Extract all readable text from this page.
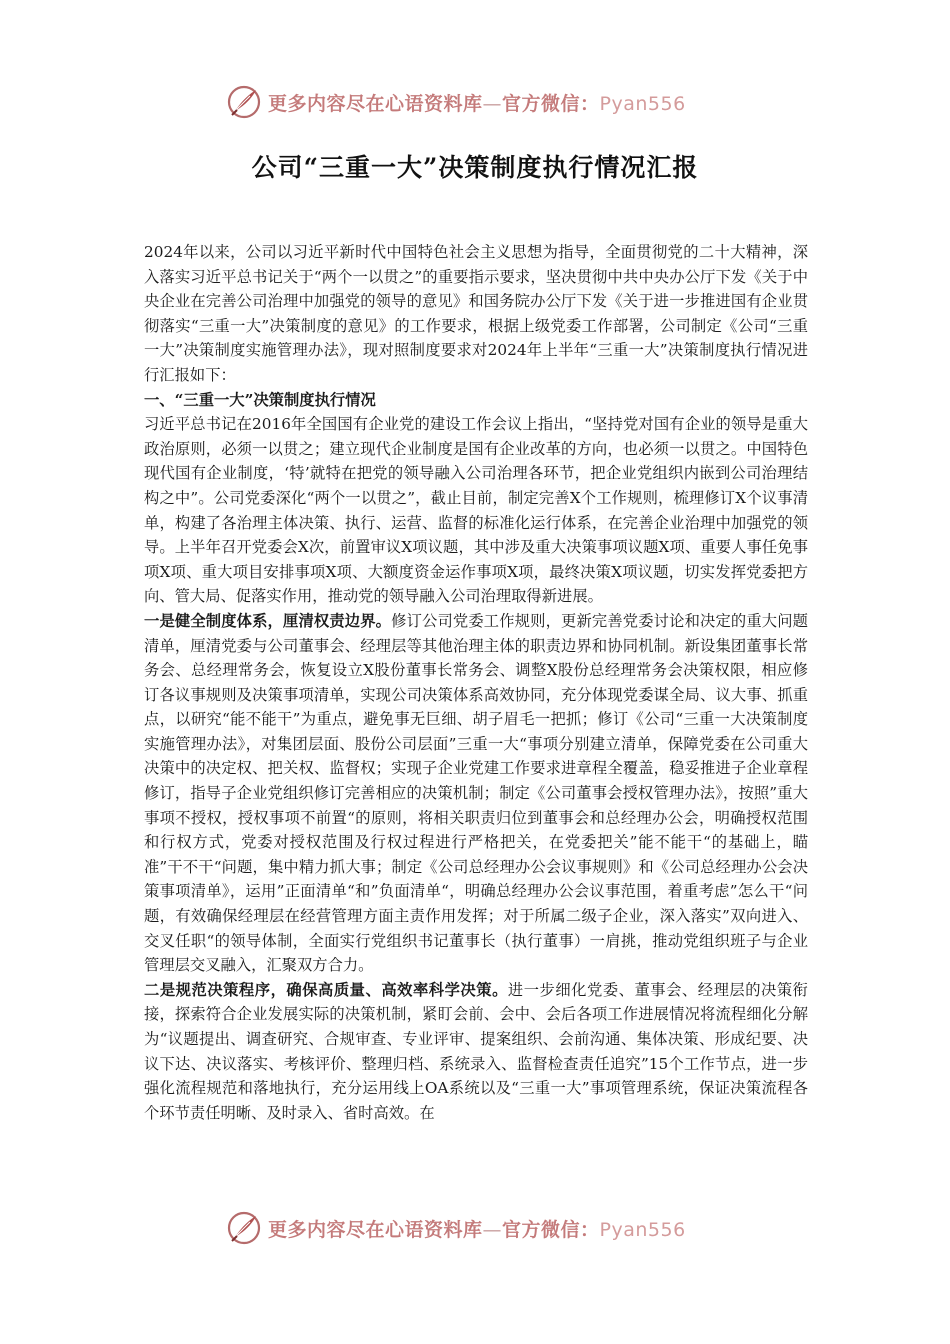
更多内容尽在心语资料库—官方微信：Pyan556
公司“三重一大”决策制度执行情况汇报

2024年以来，公司以习近平新时代中国特色社会主义思想为指导，全面贯彻党的二十大精神，深入落实习近平总书记关于“两个一以贯之”的重要指示要求，坚决贯彻中共中央办公厅下发《关于中央企业在完善公司治理中加强党的领导的意见》和国务院办公厅下发《关于进一步推进国有企业贯彻落实“三重一大”决策制度的意见》的工作要求，根据上级党委工作部署，公司制定《公司“三重一大”决策制度实施管理办法》，现对照制度要求对2024年上半年“三重一大”决策制度执行情况进行汇报如下：

一、“三重一大”决策制度执行情况

习近平总书记在2016年全国国有企业党的建设工作会议上指出，“坚持党对国有企业的领导是重大政治原则，必须一以贯之；建立现代企业制度是国有企业改革的方向，也必须一以贯之。中国特色现代国有企业制度，‘特’就特在把党的领导融入公司治理各环节，把企业党组织内嵌到公司治理结构之中”。公司党委深化“两个一以贯之”，截止目前，制定完善X个工作规则，梳理修订X个议事清单，构建了各治理主体决策、执行、运营、监督的标准化运行体系，在完善企业治理中加强党的领导。上半年召开党委会X次，前置审议X项议题，其中涉及重大决策事项议题X项、重要人事任免事项X项、重大项目安排事项X项、大额度资金运作事项X项，最终决策X项议题，切实发挥党委把方向、管大局、促落实作用，推动党的领导融入公司治理取得新进展。

一是健全制度体系，厘清权责边界。修订公司党委工作规则，更新完善党委讨论和决定的重大问题清单，厘清党委与公司董事会、经理层等其他治理主体的职责边界和协同机制。新设集团董事长常务会、总经理常务会，恢复设立X股份董事长常务会、调整X股份总经理常务会决策权限，相应修订各议事规则及决策事项清单，实现公司决策体系高效协同，充分体现党委谋全局、议大事、抓重点，以研究“能不能干”为重点，避免事无巨细、胡子眉毛一把抓；修订《公司“三重一大决策制度实施管理办法》，对集团层面、股份公司层面”三重一大“事项分别建立清单，保障党委在公司重大决策中的决定权、把关权、监督权；实现子企业党建工作要求进章程全覆盖，稳妥推进子企业章程修订，指导子企业党组织修订完善相应的决策机制；制定《公司董事会授权管理办法》，按照”重大事项不授权，授权事项不前置“的原则，将相关职责归位到董事会和总经理办公会，明确授权范围和行权方式，党委对授权范围及行权过程进行严格把关，在党委把关”能不能干“的基础上，瞄准”干不干“问题，集中精力抓大事；制定《公司总经理办公会议事规则》和《公司总经理办公会决策事项清单》，运用”正面清单“和”负面清单“，明确总经理办公会议事范围，着重考虑”怎么干“问题，有效确保经理层在经营管理方面主责作用发挥；对于所属二级子企业，深入落实”双向进入、交叉任职“的领导体制，全面实行党组织书记董事长（执行董事）一肩挑，推动党组织班子与企业管理层交叉融入，汇聚双方合力。

二是规范决策程序，确保高质量、高效率科学决策。进一步细化党委、董事会、经理层的决策衔接，探索符合企业发展实际的决策机制，紧盯会前、会中、会后各项工作进展情况将流程细化分解为“议题提出、调查研究、合规审查、专业评审、提案组织、会前沟通、集体决策、形成纪要、决议下达、决议落实、考核评价、整理归档、系统录入、监督检查责任追究”15个工作节点，进一步强化流程规范和落地执行，充分运用线上OA系统以及“三重一大”事项管理系统，保证决策流程各个环节责任明晰、及时录入、省时高效。在

更多内容尽在心语资料库—官方微信：Pyan556
